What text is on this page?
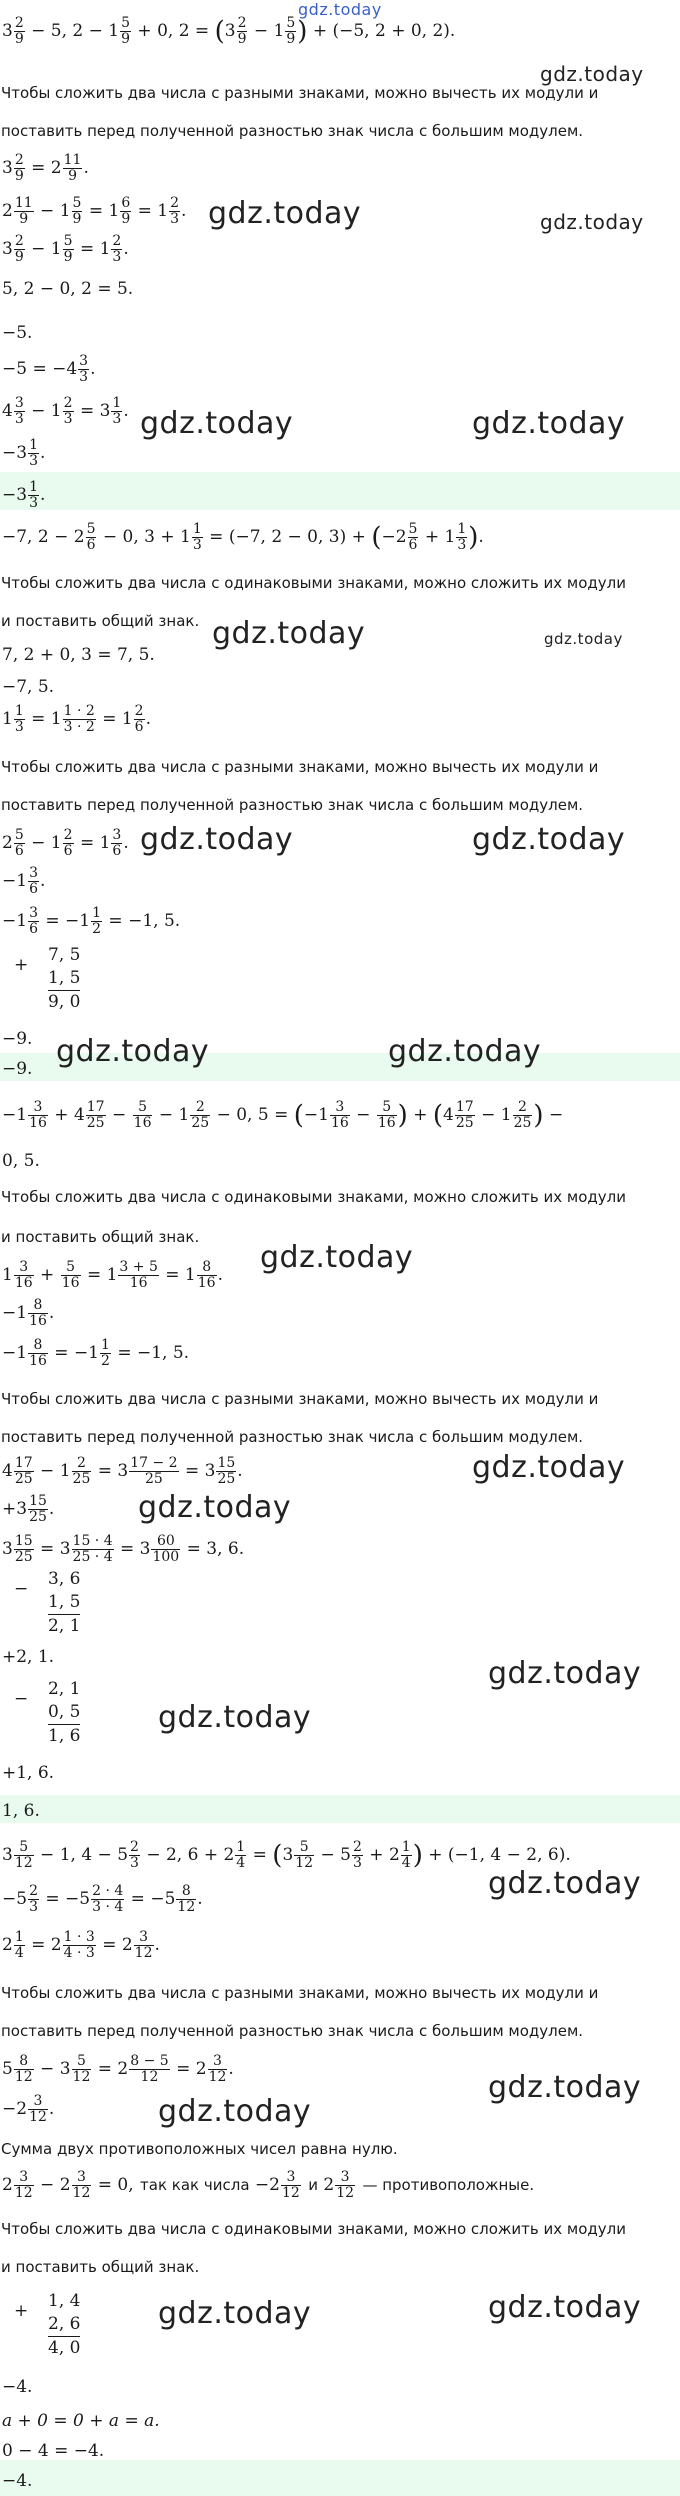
$3 \frac{2}{9} - 5$, $2 - 1 \frac{5}{9} + 0$, $2 = (3 \frac{2}{9} - 1 \frac{5}{9}$ ) + (−5, 2 + 0, 2).
Чтобы сложить два числа с разными знаками, можно вычесть их модули и
поставить перед полученной разностью знак числа с большим модулем.
$3 \frac{2}{9} = 2 \frac{11}{9}$ .
$2 \frac{11}{9} - 1 \frac{5}{9} = 1 \frac{6}{9} = 1 \frac{2}{3}$ .
$3 \frac{2}{9} - 1 \frac{5}{9} = 1 \frac{2}{3}$ .
5, 2 − 0, 2 = 5.
−5.
$-5 = -4 \frac{3}{3}$ .
$4 \frac{3}{3} - 1 \frac{2}{3} = 3 \frac{1}{3}$ .
$-3 \frac{1}{3}$ .
$-3 \frac{1}{3}$ .
−7, $2 - 2 \frac{5}{6} - 0$, $3 + 1 \frac{1}{3} = (-7$, 2 − 0, $3) + (-2 \frac{5}{6} + 1 \frac{1}{3}$ ).
Чтобы сложить два числа с одинаковыми знаками, можно сложить их модули
и поставить общий знак.
7, 2 + 0, 3 = 7, 5.
−7, 5.
$1 \frac{1}{3} = 1 \frac{1 \cdot 2}{3 \cdot 2} = 1 \frac{2}{6}$ .
Чтобы сложить два числа с разными знаками, можно вычесть их модули и
поставить перед полученной разностью знак числа с большим модулем.
$2 \frac{5}{6} - 1 \frac{2}{6} = 1 \frac{3}{6}$ .
$-1 \frac{3}{6}$ .
$-1 \frac{3}{6} = -1 \frac{1}{2} = -1$, 5.
+ 7, 5
1, 5
9, 0
−9.
−9.
$-1 \frac{3}{16} + 4 \frac{17}{25} - \frac{5}{16} - 1 \frac{2}{25} - 0$, $5 = (-1 \frac{3}{16} - \frac{5}{16}$ ) + ($4 \frac{17}{25} - 1 \frac{2}{25}$ ) −
0, 5.
Чтобы сложить два числа с одинаковыми знаками, можно сложить их модули
и поставить общий знак.
$1 \frac{3}{16} + \frac{5}{16} = 1 \frac{3 + 5}{16} = 1 \frac{8}{16}$ .
$-1 \frac{8}{16}$ .
$-1 \frac{8}{16} = -1 \frac{1}{2} = -1$, 5.
Чтобы сложить два числа с разными знаками, можно вычесть их модули и
поставить перед полученной разностью знак числа с большим модулем.
$4 \frac{17}{25} - 1 \frac{2}{25} = 3 \frac{17 - 2}{25} = 3 \frac{15}{25}$ .
$+3 \frac{15}{25}$ .
$3 \frac{15}{25} = 3 \frac{15 \cdot 4}{25 \cdot 4} = 3 \frac{60}{100} = 3$, 6.
− 3, 6
1, 5
2, 1
+2, 1.
− 2, 1
0, 5
1, 6
+1, 6.
1, 6.
$3 \frac{5}{12} - 1$, $4 - 5 \frac{2}{3} - 2$, $6 + 2 \frac{1}{4} = (3 \frac{5}{12} - 5 \frac{2}{3} + 2 \frac{1}{4}$ ) + (−1, 4 − 2, 6).
$-5 \frac{2}{3} = -5 \frac{2 \cdot 4}{3 \cdot 4} = -5 \frac{8}{12}$ .
$2 \frac{1}{4} = 2 \frac{1 \cdot 3}{4 \cdot 3} = 2 \frac{3}{12}$ .
Чтобы сложить два числа с разными знаками, можно вычесть их модули и
поставить перед полученной разностью знак числа с большим модулем.
$5 \frac{8}{12} - 3 \frac{5}{12} = 2 \frac{8 - 5}{12} = 2 \frac{3}{12}$ .
$-2 \frac{3}{12}$ .
Сумма двух противоположных чисел равна нулю.
$2 \frac{3}{12} - 2 \frac{3}{12} = 0$, так как числа $-2 \frac{3}{12}$ и $2 \frac{3}{12}$ — противоположные.
Чтобы сложить два числа с одинаковыми знаками, можно сложить их модули
и поставить общий знак.
+ 1, 4
2, 6
4, 0
−4.
a + 0 = 0 + a = a.
0 − 4 = −4.
−4.
gdz.today
gdz.today
gdz.today	gdz.today
gdz.today	gdz.today
gdz.today	gdz.today
gdz.today	gdz.today
gdz.today	gdz.today
gdz.today
gdz.today
gdz.today
gdz.today
gdz.today
gdz.today
gdz.today
gdz.today
gdz.today
gdz.today
